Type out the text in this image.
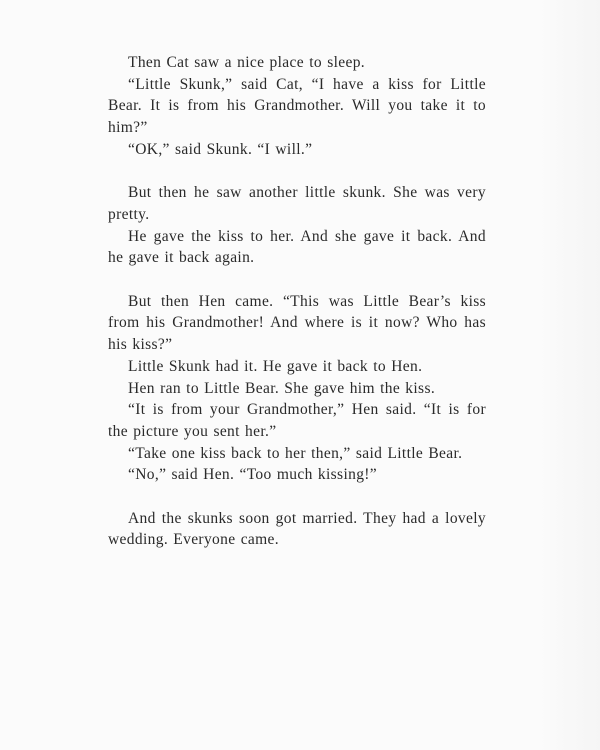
Then Cat saw a nice place to sleep.

“Little Skunk,” said Cat, “I have a kiss for Little Bear. It is from his Grandmother. Will you take it to him?”

“OK,” said Skunk. “I will.”

But then he saw another little skunk. She was very pretty.

He gave the kiss to her. And she gave it back. And he gave it back again.

But then Hen came. “This was Little Bear’s kiss from his Grandmother! And where is it now? Who has his kiss?”

Little Skunk had it. He gave it back to Hen.

Hen ran to Little Bear. She gave him the kiss.

“It is from your Grandmother,” Hen said. “It is for the picture you sent her.”

“Take one kiss back to her then,” said Little Bear.

“No,” said Hen. “Too much kissing!”

And the skunks soon got married. They had a lovely wedding. Everyone came.
